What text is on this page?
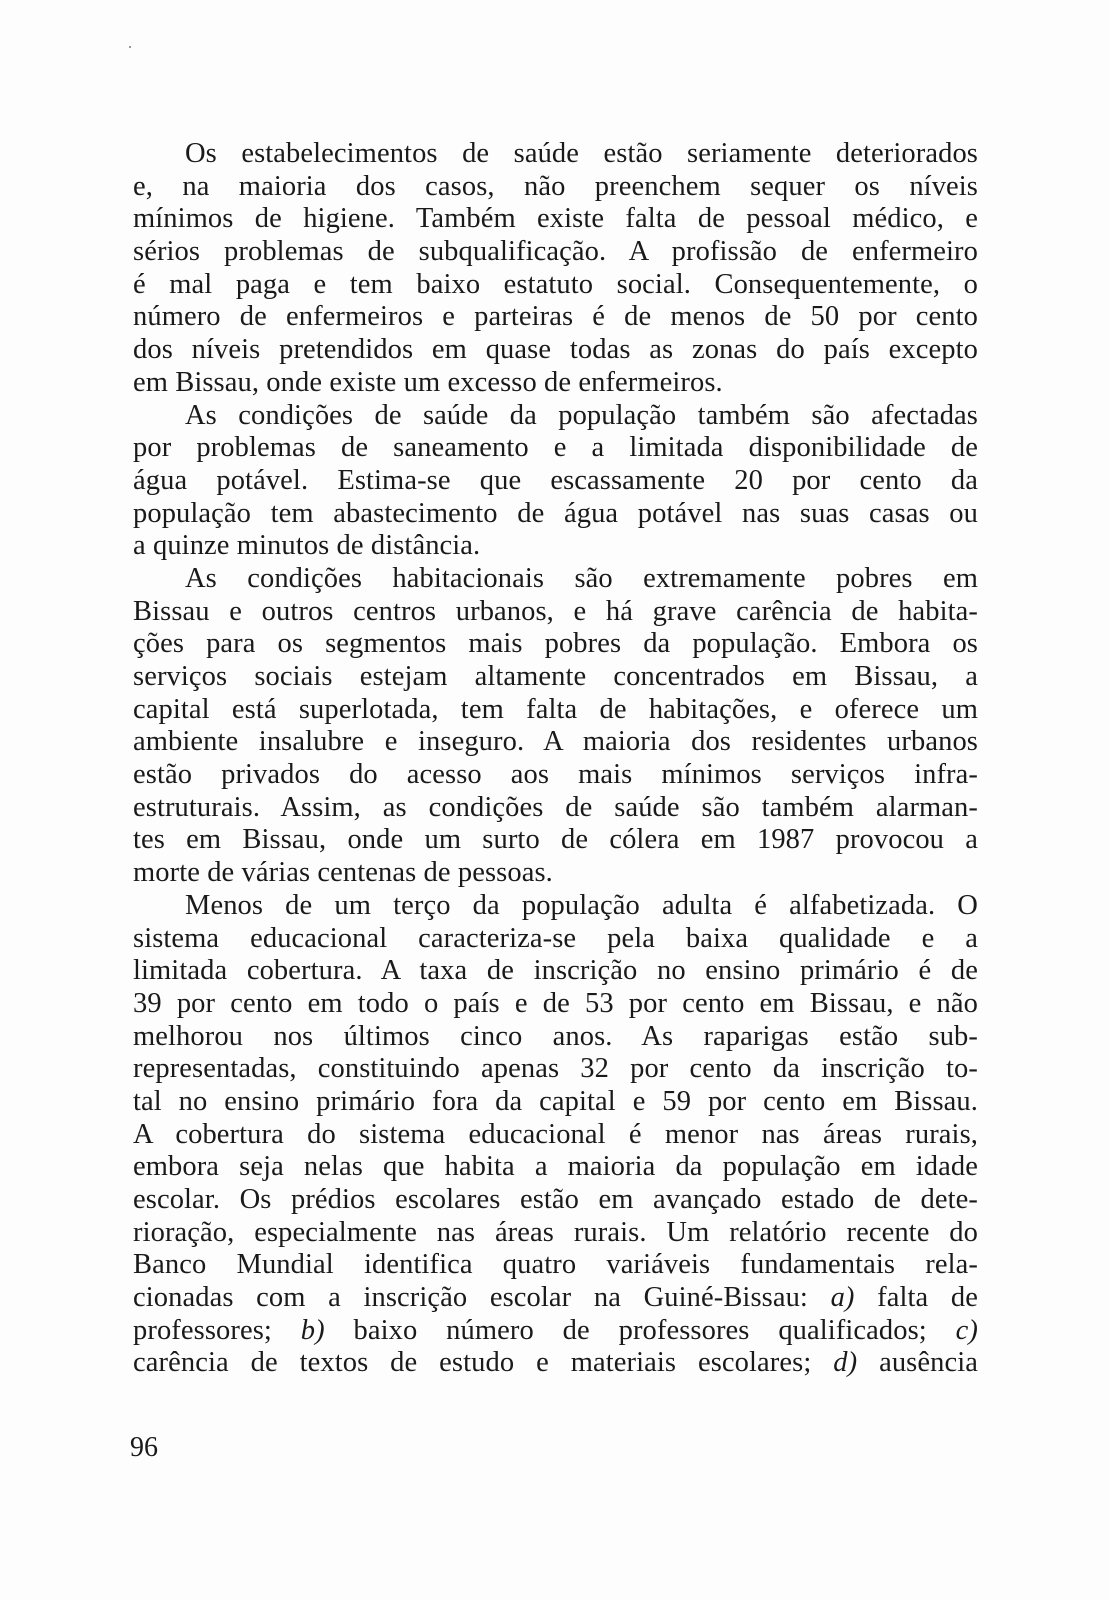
Os estabelecimentos de saúde estão seriamente deteriorados
e, na maioria dos casos, não preenchem sequer os níveis
mínimos de higiene. Também existe falta de pessoal médico, e
sérios problemas de subqualificação. A profissão de enfermeiro
é mal paga e tem baixo estatuto social. Consequentemente, o
número de enfermeiros e parteiras é de menos de 50 por cento
dos níveis pretendidos em quase todas as zonas do país excepto
em Bissau, onde existe um excesso de enfermeiros.
As condições de saúde da população também são afectadas
por problemas de saneamento e a limitada disponibilidade de
água potável. Estima-se que escassamente 20 por cento da
população tem abastecimento de água potável nas suas casas ou
a quinze minutos de distância.
As condições habitacionais são extremamente pobres em
Bissau e outros centros urbanos, e há grave carência de habita-
ções para os segmentos mais pobres da população. Embora os
serviços sociais estejam altamente concentrados em Bissau, a
capital está superlotada, tem falta de habitações, e oferece um
ambiente insalubre e inseguro. A maioria dos residentes urbanos
estão privados do acesso aos mais mínimos serviços infra-
estruturais. Assim, as condições de saúde são também alarman-
tes em Bissau, onde um surto de cólera em 1987 provocou a
morte de várias centenas de pessoas.
Menos de um terço da população adulta é alfabetizada. O
sistema educacional caracteriza-se pela baixa qualidade e a
limitada cobertura. A taxa de inscrição no ensino primário é de
39 por cento em todo o país e de 53 por cento em Bissau, e não
melhorou nos últimos cinco anos. As raparigas estão sub-
representadas, constituindo apenas 32 por cento da inscrição to-
tal no ensino primário fora da capital e 59 por cento em Bissau.
A cobertura do sistema educacional é menor nas áreas rurais,
embora seja nelas que habita a maioria da população em idade
escolar. Os prédios escolares estão em avançado estado de dete-
rioração, especialmente nas áreas rurais. Um relatório recente do
Banco Mundial identifica quatro variáveis fundamentais rela-
cionadas com a inscrição escolar na Guiné-Bissau: a) falta de
professores; b) baixo número de professores qualificados; c)
carência de textos de estudo e materiais escolares; d) ausência
96
